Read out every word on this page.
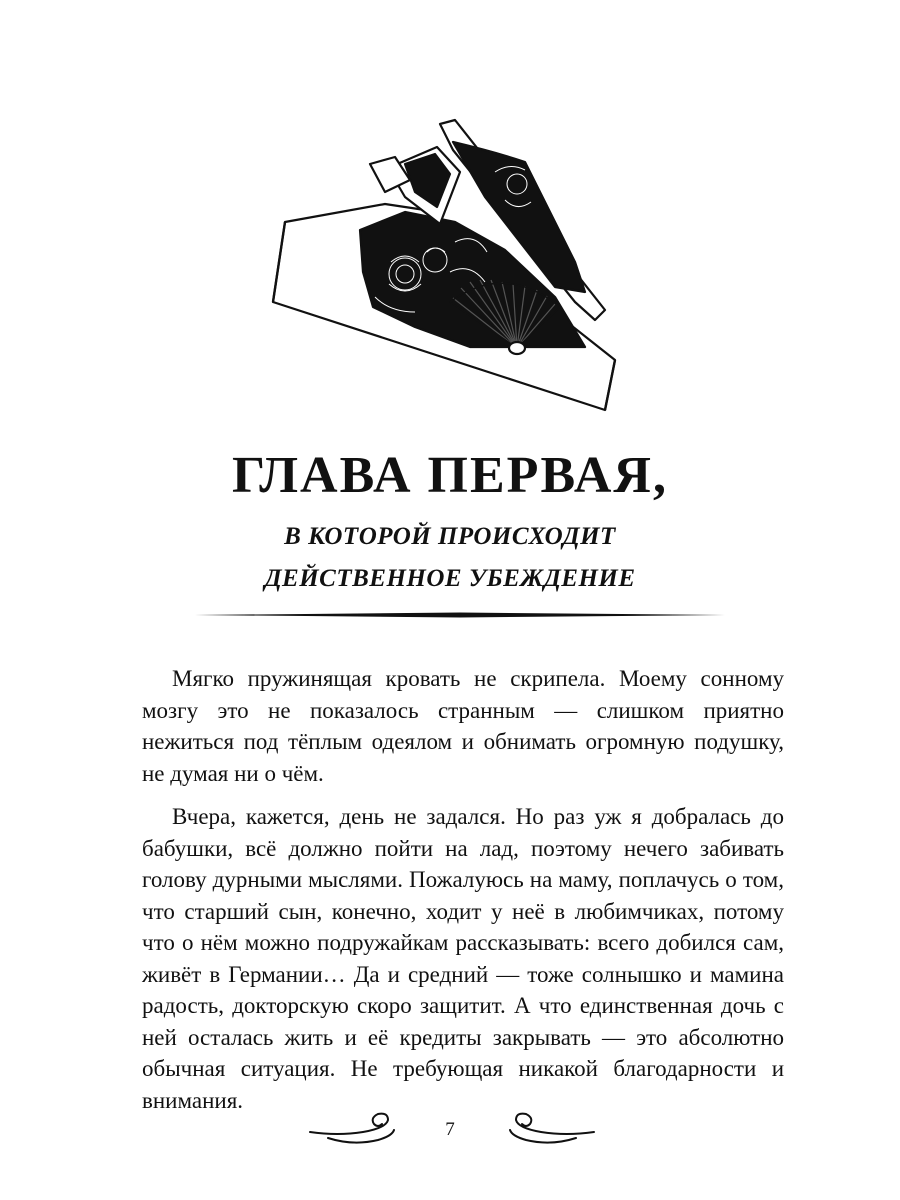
ГЛАВА ПЕРВАЯ,
В КОТОРОЙ ПРОИСХОДИТ
ДЕЙСТВЕННОЕ УБЕЖДЕНИЕ

Мягко пружинящая кровать не скрипела. Моему сонному мозгу это не показалось странным — слишком приятно нежиться под тёплым одеялом и обнимать огромную подушку, не думая ни о чём.

Вчера, кажется, день не задался. Но раз уж я добралась до бабушки, всё должно пойти на лад, поэтому нечего забивать голову дурными мыслями. Пожалуюсь на маму, поплачусь о том, что старший сын, конечно, ходит у неё в любимчиках, потому что о нём можно подружайкам рассказывать: всего добился сам, живёт в Германии… Да и средний — тоже солнышко и мамина радость, докторскую скоро защитит. А что единственная дочь с ней осталась жить и её кредиты закрывать — это абсолютно обычная ситуация. Не требующая никакой благодарности и внимания.

7
